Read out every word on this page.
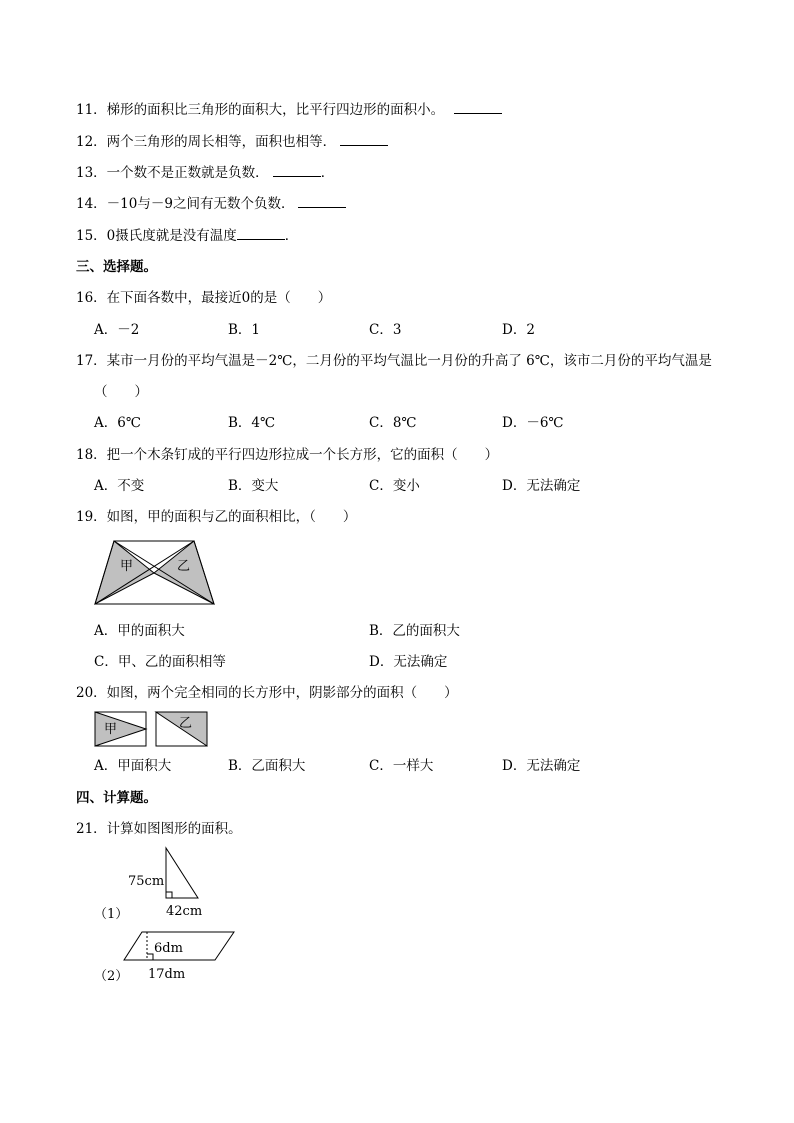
11．梯形的面积比三角形的面积大，比平行四边形的面积小。
12．两个三角形的周长相等，面积也相等．
13．一个数不是正数就是负数．	．
14．－10与－9之间有无数个负数．
15．0摄氏度就是没有温度	．
三、选择题。
16．在下面各数中，最接近0的是（　　）
A．－2	B．1	C．3	D．2
17．某市一月份的平均气温是－2℃，二月份的平均气温比一月份的升高了 6℃，该市二月份的平均气温是
（　　）
A．6℃	B．4℃	C．8℃	D．－6℃
18．把一个木条钉成的平行四边形拉成一个长方形，它的面积（　　）
A．不变	B．变大	C．变小	D．无法确定
19．如图，甲的面积与乙的面积相比，（　　）
甲	乙
A．甲的面积大	B．乙的面积大
C．甲、乙的面积相等	D．无法确定
20．如图，两个完全相同的长方形中，阴影部分的面积（　　）
甲	乙
A．甲面积大	B．乙面积大	C．一样大	D．无法确定
四、计算题。
21．计算如图图形的面积。
75cm
42cm
（1）
6dm
17dm
（2）
